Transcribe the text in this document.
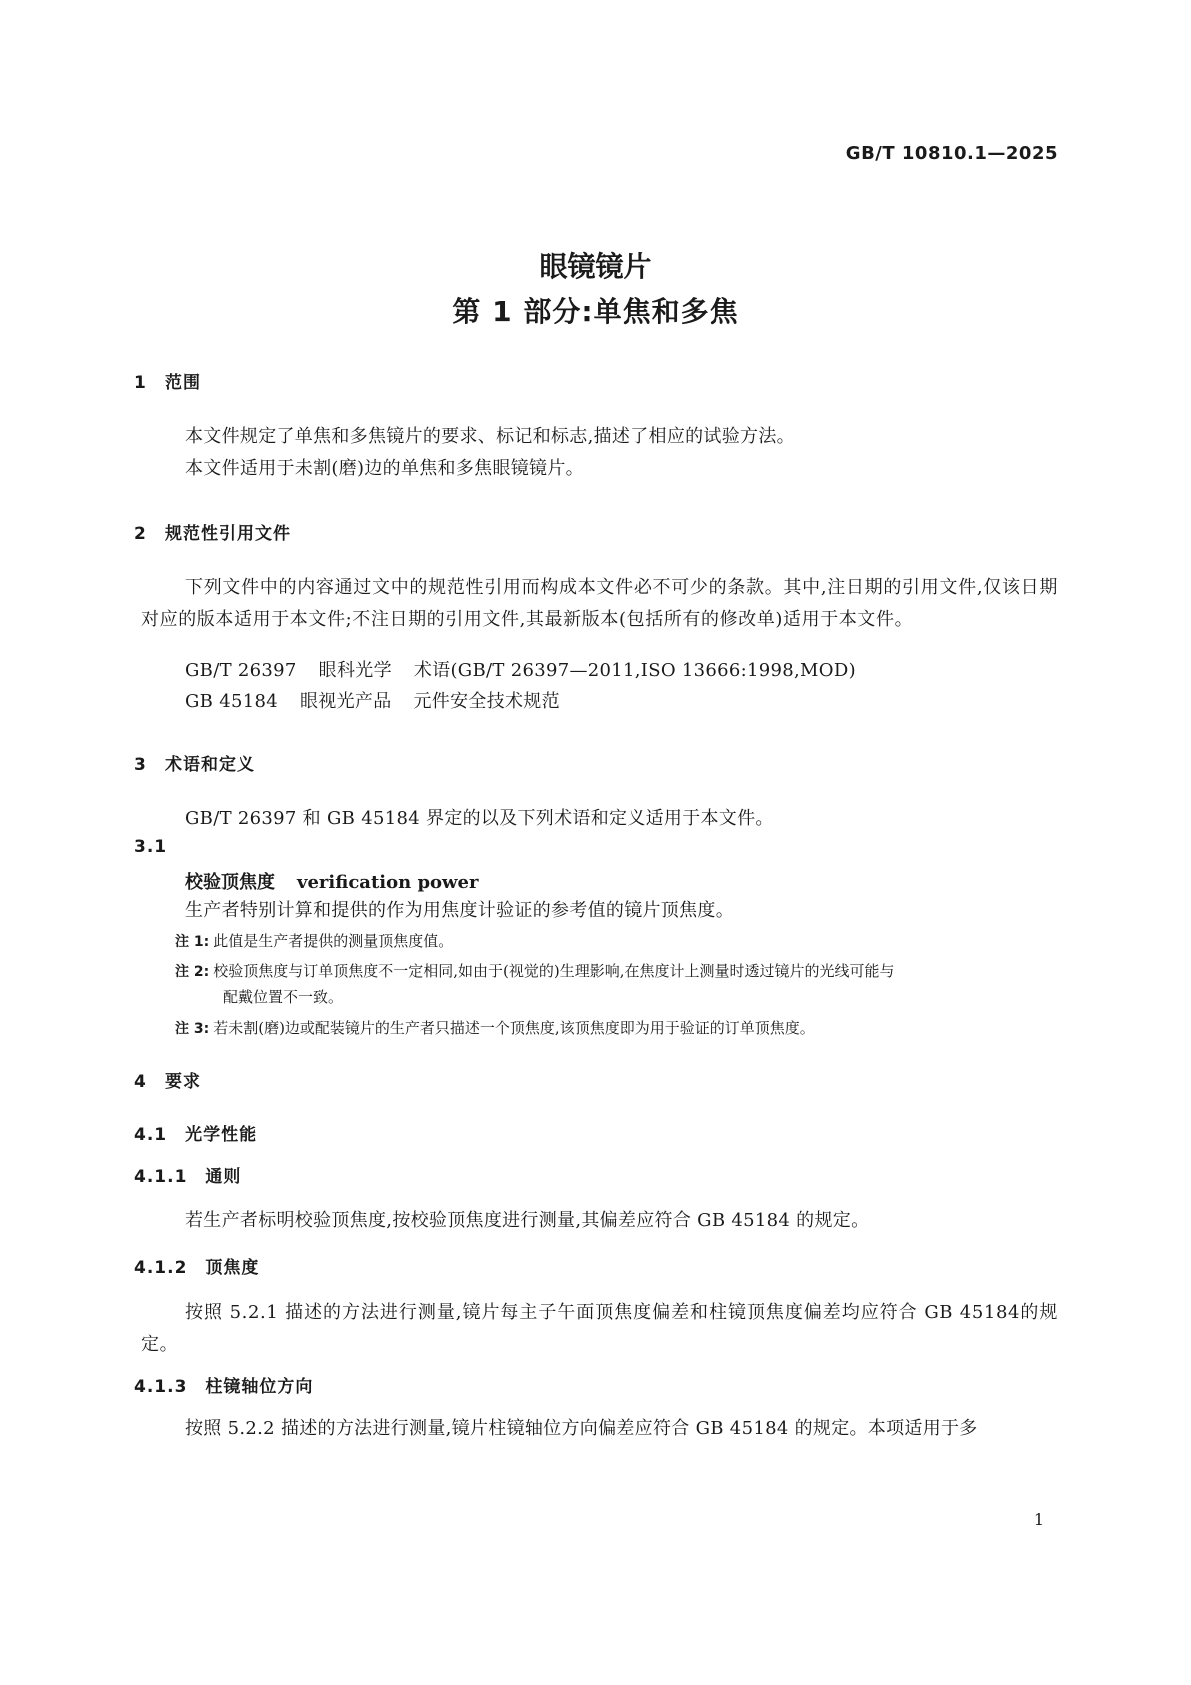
GB/T 10810.1—2025
眼镜镜片
第 1 部分:单焦和多焦
1 范围
本文件规定了单焦和多焦镜片的要求、标记和标志,描述了相应的试验方法。
本文件适用于未割(磨)边的单焦和多焦眼镜镜片。
2 规范性引用文件
下列文件中的内容通过文中的规范性引用而构成本文件必不可少的条款。其中,注日期的引用文件,仅该日期对应的版本适用于本文件;不注日期的引用文件,其最新版本(包括所有的修改单)适用于本文件。
GB/T 26397 眼科光学 术语(GB/T 26397—2011,ISO 13666:1998,MOD)
GB 45184 眼视光产品 元件安全技术规范
3 术语和定义
GB/T 26397 和 GB 45184 界定的以及下列术语和定义适用于本文件。
3.1
校验顶焦度 verification power
生产者特别计算和提供的作为用焦度计验证的参考值的镜片顶焦度。
注 1: 此值是生产者提供的测量顶焦度值。
注 2: 校验顶焦度与订单顶焦度不一定相同,如由于(视觉的)生理影响,在焦度计上测量时透过镜片的光线可能与
配戴位置不一致。
注 3: 若未割(磨)边或配装镜片的生产者只描述一个顶焦度,该顶焦度即为用于验证的订单顶焦度。
4 要求
4.1 光学性能
4.1.1 通则
若生产者标明校验顶焦度,按校验顶焦度进行测量,其偏差应符合 GB 45184 的规定。
4.1.2 顶焦度
按照 5.2.1 描述的方法进行测量,镜片每主子午面顶焦度偏差和柱镜顶焦度偏差均应符合 GB 45184的规定。
4.1.3 柱镜轴位方向
按照 5.2.2 描述的方法进行测量,镜片柱镜轴位方向偏差应符合 GB 45184 的规定。本项适用于多
1
